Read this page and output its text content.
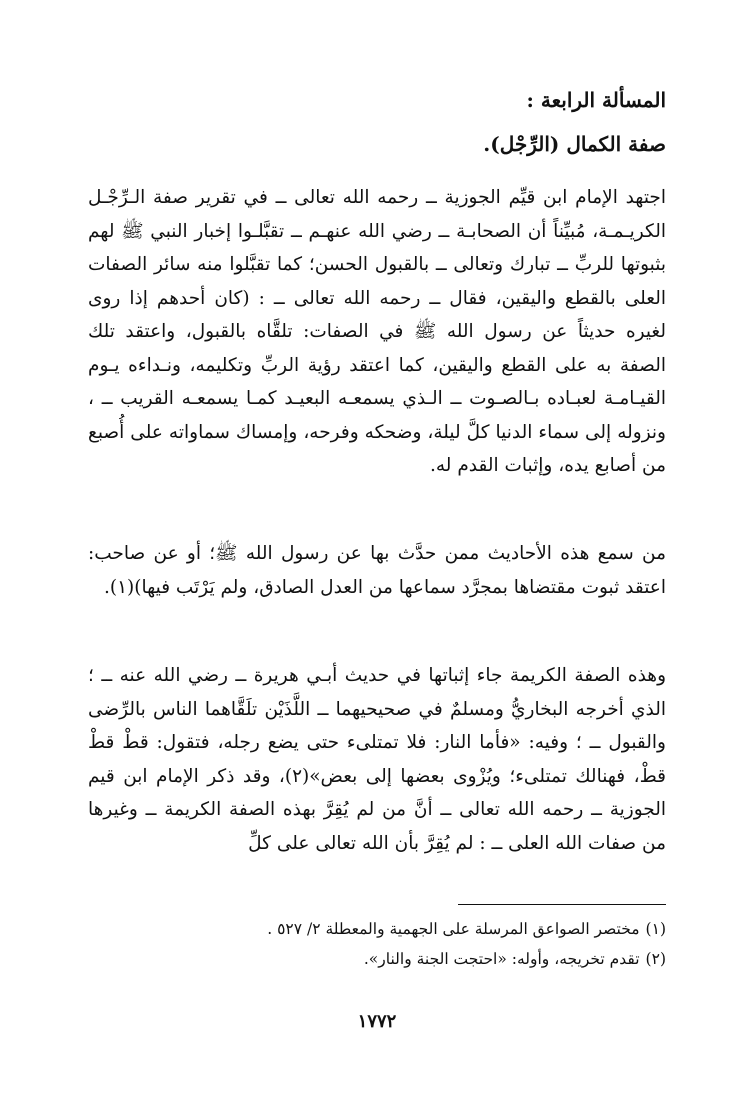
المسألة الرابعة :
صفة الكمال (الرِّجْل).
اجتهد الإمام ابن قيِّم الجوزية ــ رحمه الله تعالى ــ في تقرير صفة الـرِّجْـل الكريـمـة، مُبيِّناً أن الصحابـة ــ رضي الله عنهـم ــ تقبَّلـوا إخبار النبي ﷺ لهم بثبوتها للربِّ ــ تبارك وتعالى ــ بالقبول الحسن؛ كما تقبَّلوا منه سائر الصفات العلى بالقطع واليقين، فقال ــ رحمه الله تعالى ــ : (كان أحدهم إذا روى لغيره حديثاً عن رسول الله ﷺ في الصفات: تلقَّاه بالقبول، واعتقد تلك الصفة به على القطع واليقين، كما اعتقد رؤية الربِّ وتكليمه، ونـداءه يـوم القيـامـة لعبـاده بـالصـوت ــ الـذي يسمعـه البعيـد كمـا يسمعـه القريب ــ ، ونزوله إلى سماء الدنيا كلَّ ليلة، وضحكه وفرحه، وإمساك سماواته على أُصبع من أصابع يده، وإثبات القدم له.
من سمع هذه الأحاديث ممن حدَّث بها عن رسول الله ﷺ؛ أو عن صاحب: اعتقد ثبوت مقتضاها بمجرَّد سماعها من العدل الصادق، ولم يَرْتَب فيها)(١).
وهذه الصفة الكريمة جاء إثباتها في حديث أبـي هريرة ــ رضي الله عنه ــ ؛ الذي أخرجه البخاريُّ ومسلمٌ في صحيحيهما ــ اللَّذَيْن تلَقَّاهما الناس بالرِّضى والقبول ــ ؛ وفيه: «فأما النار: فلا تمتلىء حتى يضع رجله، فتقول: قطْ قطْ قطْ، فهنالك تمتلىء؛ ويُزْوى بعضها إلى بعض»(٢)، وقد ذكر الإمام ابن قيم الجوزية ــ رحمه الله تعالى ــ أنَّ من لم يُقِرَّ بهذه الصفة الكريمة ــ وغيرها من صفات الله العلى ــ : لم يُقِرَّ بأن الله تعالى على كلِّ
(١)مختصر الصواعق المرسلة على الجهمية والمعطلة ٢/ ٥٢٧ .
(٢)تقدم تخريجه، وأوله: «احتجت الجنة والنار».
١٧٧٢
